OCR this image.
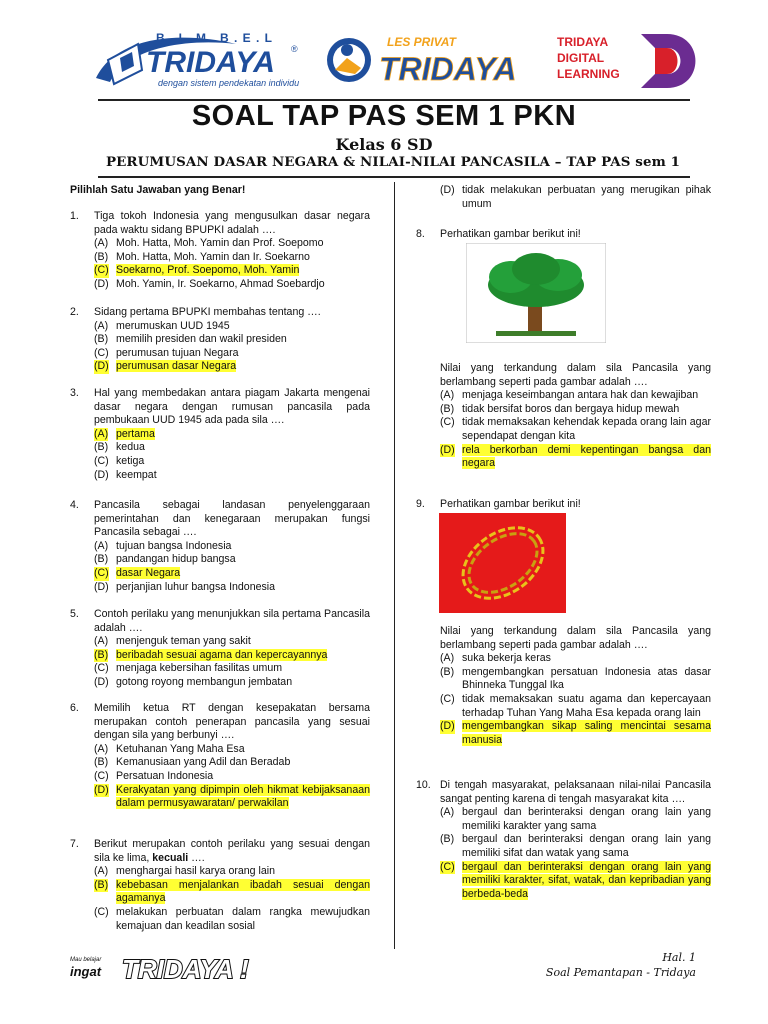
B . I . M . B . E . L
TRIDAYA ®
dengan sistem pendekatan individu
LES PRIVAT
TRIDAYA
TRIDAYA
DIGITAL
LEARNING
SOAL TAP PAS SEM 1 PKN
Kelas 6 SD
PERUMUSAN DASAR NEGARA & NILAI-NILAI PANCASILA – TAP PAS sem 1
Pilihlah Satu Jawaban yang Benar!
1. Tiga tokoh Indonesia yang mengusulkan dasar negara pada waktu sidang BPUPKI adalah ….
(A) Moh. Hatta, Moh. Yamin dan Prof. Soepomo
(B) Moh. Hatta, Moh. Yamin dan Ir. Soekarno
(C) Soekarno, Prof. Soepomo, Moh. Yamin
(D) Moh. Yamin, Ir. Soekarno, Ahmad Soebardjo
2. Sidang pertama BPUPKI membahas tentang ….
(A) merumuskan UUD 1945
(B) memilih presiden dan wakil presiden
(C) perumusan tujuan Negara
(D) perumusan dasar Negara
3. Hal yang membedakan antara piagam Jakarta mengenai dasar negara dengan rumusan pancasila pada pembukaan UUD 1945 ada pada sila ….
(A) pertama
(B) kedua
(C) ketiga
(D) keempat
4. Pancasila sebagai landasan penyelenggaraan pemerintahan dan kenegaraan merupakan fungsi Pancasila sebagai ….
(A) tujuan bangsa Indonesia
(B) pandangan hidup bangsa
(C) dasar Negara
(D) perjanjian luhur bangsa Indonesia
5. Contoh perilaku yang menunjukkan sila pertama Pancasila adalah ….
(A) menjenguk teman yang sakit
(B) beribadah sesuai agama dan kepercayannya
(C) menjaga kebersihan fasilitas umum
(D) gotong royong membangun jembatan
6. Memilih ketua RT dengan kesepakatan bersama merupakan contoh penerapan pancasila yang sesuai dengan sila yang berbunyi ….
(A) Ketuhanan Yang Maha Esa
(B) Kemanusiaan yang Adil dan Beradab
(C) Persatuan Indonesia
(D) Kerakyatan yang dipimpin oleh hikmat kebijaksanaan dalam permusyawaratan/ perwakilan
7. Berikut merupakan contoh perilaku yang sesuai dengan sila ke lima, kecuali ….
(A) menghargai hasil karya orang lain
(B) kebebasan menjalankan ibadah sesuai dengan agamanya
(C) melakukan perbuatan dalam rangka mewujudkan kemajuan dan keadilan sosial
(D) tidak melakukan perbuatan yang merugikan pihak umum
8. Perhatikan gambar berikut ini!
Nilai yang terkandung dalam sila Pancasila yang berlambang seperti pada gambar adalah ….
(A) menjaga keseimbangan antara hak dan kewajiban
(B) tidak bersifat boros dan bergaya hidup mewah
(C) tidak memaksakan kehendak kepada orang lain agar sependapat dengan kita
(D) rela berkorban demi kepentingan bangsa dan negara
9. Perhatikan gambar berikut ini!
Nilai yang terkandung dalam sila Pancasila yang berlambang seperti pada gambar adalah ….
(A) suka bekerja keras
(B) mengembangkan persatuan Indonesia atas dasar Bhinneka Tunggal Ika
(C) tidak memaksakan suatu agama dan kepercayaan terhadap Tuhan Yang Maha Esa kepada orang lain
(D) mengembangkan sikap saling mencintai sesama manusia
10. Di tengah masyarakat, pelaksanaan nilai-nilai Pancasila sangat penting karena di tengah masyarakat kita ….
(A) bergaul dan berinteraksi dengan orang lain yang memiliki karakter yang sama
(B) bergaul dan berinteraksi dengan orang lain yang memiliki sifat dan watak yang sama
(C) bergaul dan berinteraksi dengan orang lain yang memiliki karakter, sifat, watak, dan kepribadian yang berbeda-beda
Mau belajar
ingat TRIDAYA !	Hal. 1
Soal Pemantapan - Tridaya
